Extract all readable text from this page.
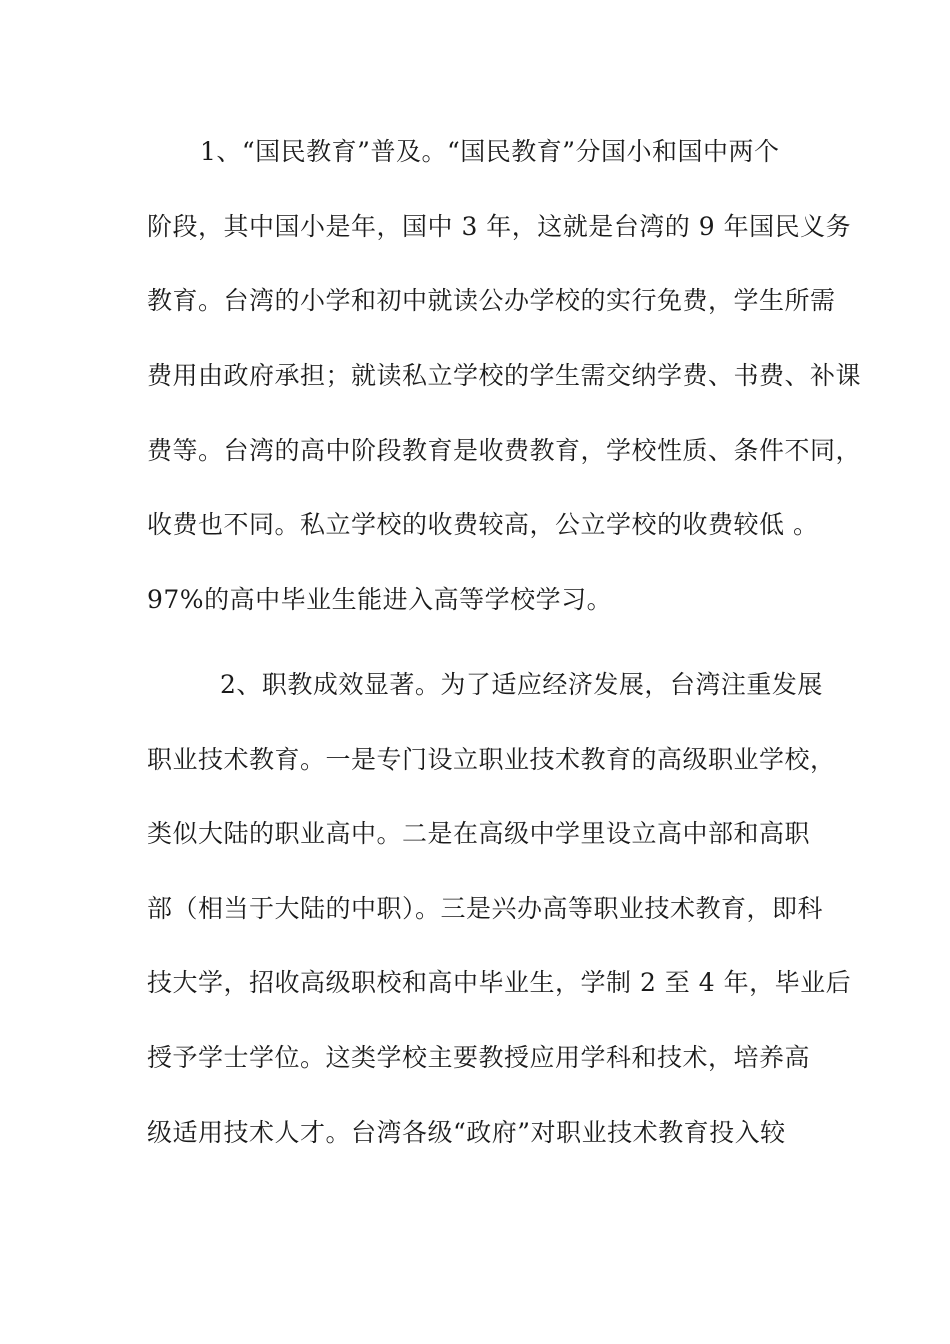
1、“国民教育”普及。“国民教育”分国小和国中两个
阶段，其中国小是年，国中 3 年，这就是台湾的 9 年国民义务
教育。台湾的小学和初中就读公办学校的实行免费，学生所需
费用由政府承担；就读私立学校的学生需交纳学费、书费、补课
费等。台湾的高中阶段教育是收费教育，学校性质、条件不同，
收费也不同。私立学校的收费较高，公立学校的收费较低 。
97%的高中毕业生能进入高等学校学习。
2、职教成效显著。为了适应经济发展，台湾注重发展
职业技术教育。一是专门设立职业技术教育的高级职业学校，
类似大陆的职业高中。二是在高级中学里设立高中部和高职
部（相当于大陆的中职）。三是兴办高等职业技术教育，即科
技大学，招收高级职校和高中毕业生，学制 2 至 4 年，毕业后
授予学士学位。这类学校主要教授应用学科和技术，培养高
级适用技术人才。台湾各级“政府”对职业技术教育投入较
